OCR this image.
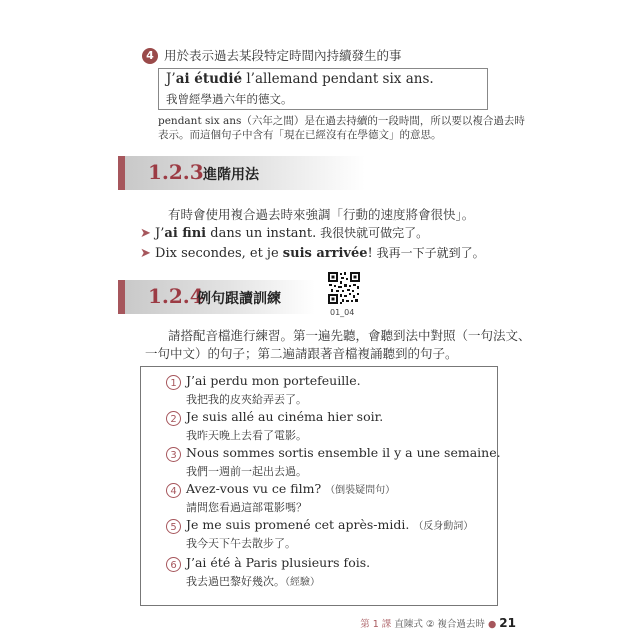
4 用於表示過去某段特定時間內持續發生的事
J’ai étudié l’allemand pendant six ans.
我曾經學過六年的德文。
pendant six ans（六年之間）是在過去持續的一段時間，所以要以複合過去時
表示。而這個句子中含有「現在已經沒有在學德文」的意思。
1.2.3 進階用法
有時會使用複合過去時來強調「行動的速度將會很快」。
➤ J’ai fini dans un instant. 我很快就可做完了。
➤ Dix secondes, et je suis arrivée! 我再一下子就到了。
1.2.4
例句跟讀訓練
01_04
請搭配音檔進行練習。第一遍先聽，會聽到法中對照（一句法文、
一句中文）的句子；第二遍請跟著音檔複誦聽到的句子。
1 J’ai perdu mon portefeuille.
我把我的皮夾給弄丟了。
2 Je suis allé au cinéma hier soir.
我昨天晚上去看了電影。
3 Nous sommes sortis ensemble il y a une semaine.
我們一週前一起出去過。
4 Avez-vous vu ce film? （倒裝疑問句）
請問您看過這部電影嗎？
5 Je me suis promené cet après-midi. （反身動詞）
我今天下午去散步了。
6 J’ai été à Paris plusieurs fois.
我去過巴黎好幾次。（經驗）
第 1 課 直陳式 ② 複合過去時 ● 21
